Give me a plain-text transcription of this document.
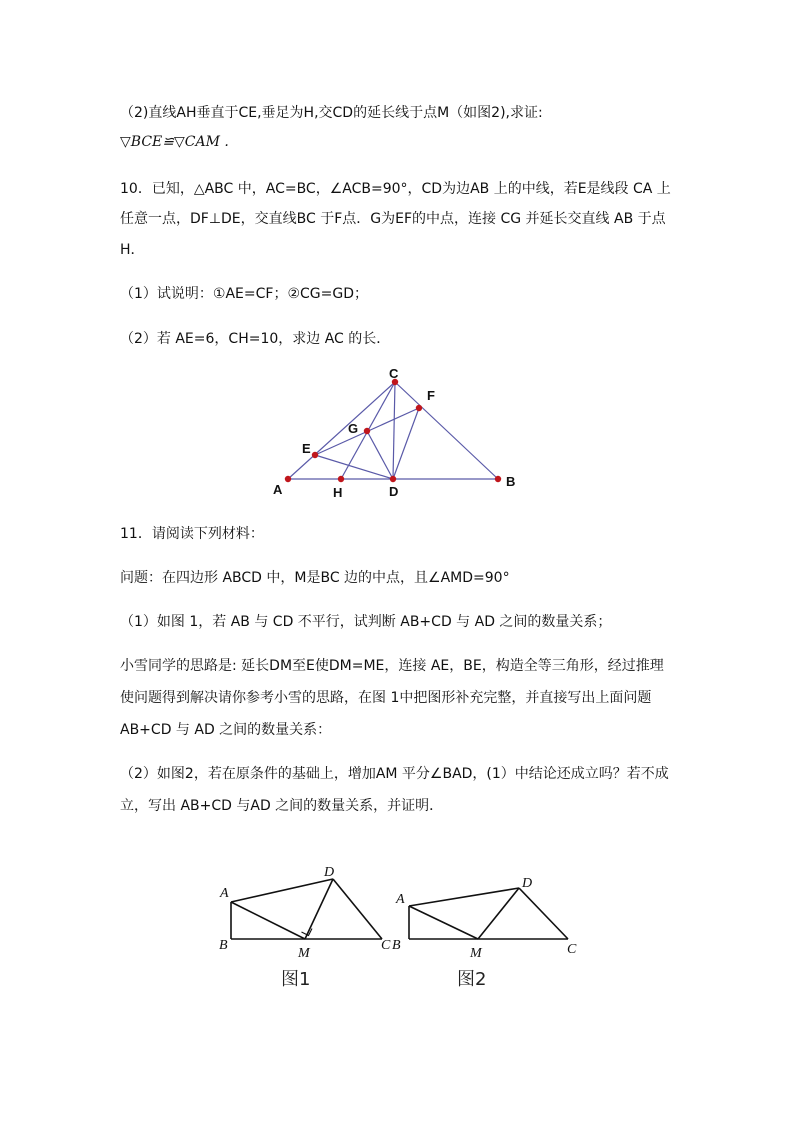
（2)直线AH垂直于CE,垂足为H,交CD的延长线于点M（如图2),求证:
▽BCE≌▽CAM .
10．已知，△ABC 中，AC=BC，∠ACB=90°，CD为边AB 上的中线，若E是线段 CA 上
任意一点，DF⊥DE，交直线BC 于F点．G为EF的中点，连接 CG 并延长交直线 AB 于点
H．
（1）试说明：①AE=CF；②CG=GD；
（2）若 AE=6，CH=10，求边 AC 的长．
A
B
C
D
E
F
G
H
11．请阅读下列材料：
问题：在四边形 ABCD 中，M是BC 边的中点，且∠AMD=90°
（1）如图 1，若 AB 与 CD 不平行，试判断 AB+CD 与 AD 之间的数量关系；
小雪同学的思路是: 延长DM至E使DM=ME，连接 AE，BE，构造全等三角形，经过推理
使问题得到解决请你参考小雪的思路，在图 1中把图形补充完整，并直接写出上面问题
AB+CD 与 AD 之间的数量关系：
（2）如图2，若在原条件的基础上，增加AM 平分∠BAD，(1）中结论还成立吗？若不成
立，写出 AB+CD 与AD 之间的数量关系，并证明．
A
B	C
D
M
图1
A
B	C
D
M
图2
